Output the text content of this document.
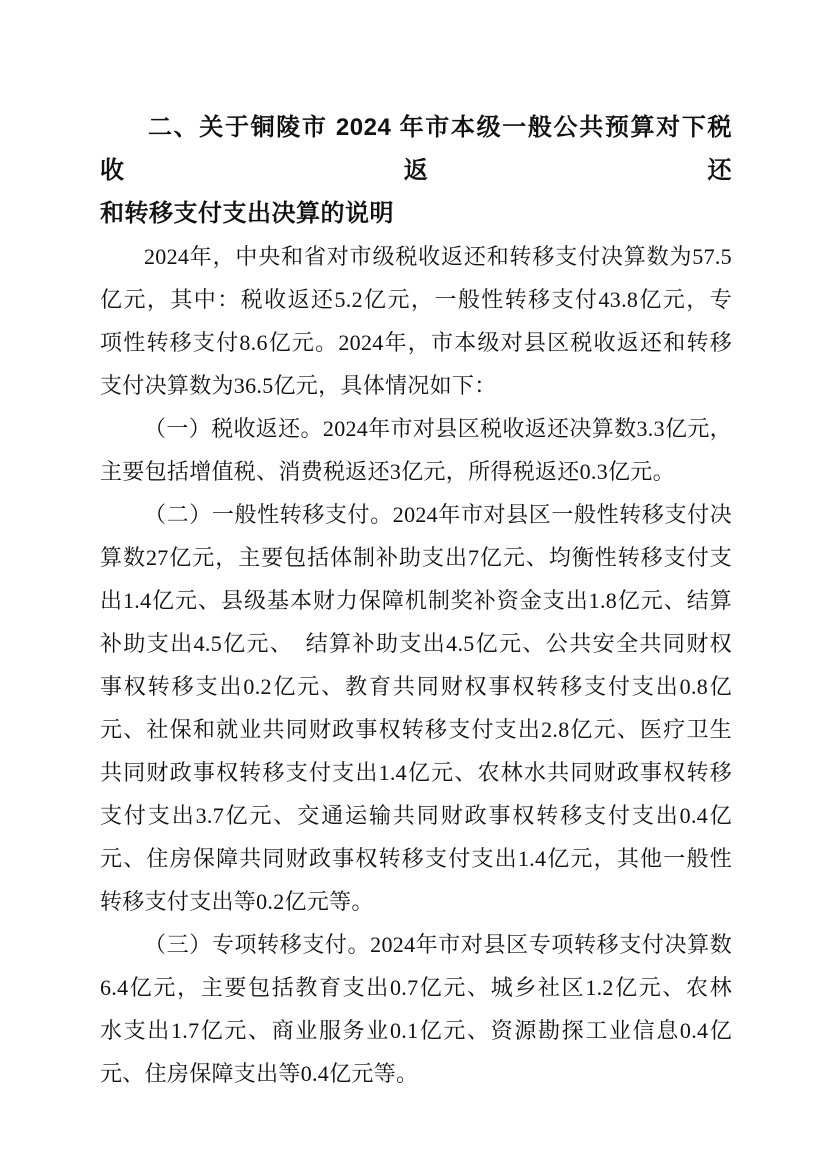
二、关于铜陵市 2024 年市本级一般公共预算对下税收返还
和转移支付支出决算的说明
2024年，中央和省对市级税收返还和转移支付决算数为57.5
亿元，其中：税收返还5.2亿元，一般性转移支付43.8亿元，专
项性转移支付8.6亿元。2024年，市本级对县区税收返还和转移
支付决算数为36.5亿元，具体情况如下：
（一）税收返还。2024年市对县区税收返还决算数3.3亿元，
主要包括增值税、消费税返还3亿元，所得税返还0.3亿元。
（二）一般性转移支付。2024年市对县区一般性转移支付决
算数27亿元，主要包括体制补助支出7亿元、均衡性转移支付支
出1.4亿元、县级基本财力保障机制奖补资金支出1.8亿元、结算
补助支出4.5亿元、　结算补助支出4.5亿元、公共安全共同财权
事权转移支出0.2亿元、教育共同财权事权转移支付支出0.8亿
元、社保和就业共同财政事权转移支付支出2.8亿元、医疗卫生
共同财政事权转移支付支出1.4亿元、农林水共同财政事权转移
支付支出3.7亿元、交通运输共同财政事权转移支付支出0.4亿
元、住房保障共同财政事权转移支付支出1.4亿元，其他一般性
转移支付支出等0.2亿元等。
（三）专项转移支付。2024年市对县区专项转移支付决算数
6.4亿元，主要包括教育支出0.7亿元、城乡社区1.2亿元、农林
水支出1.7亿元、商业服务业0.1亿元、资源勘探工业信息0.4亿
元、住房保障支出等0.4亿元等。
